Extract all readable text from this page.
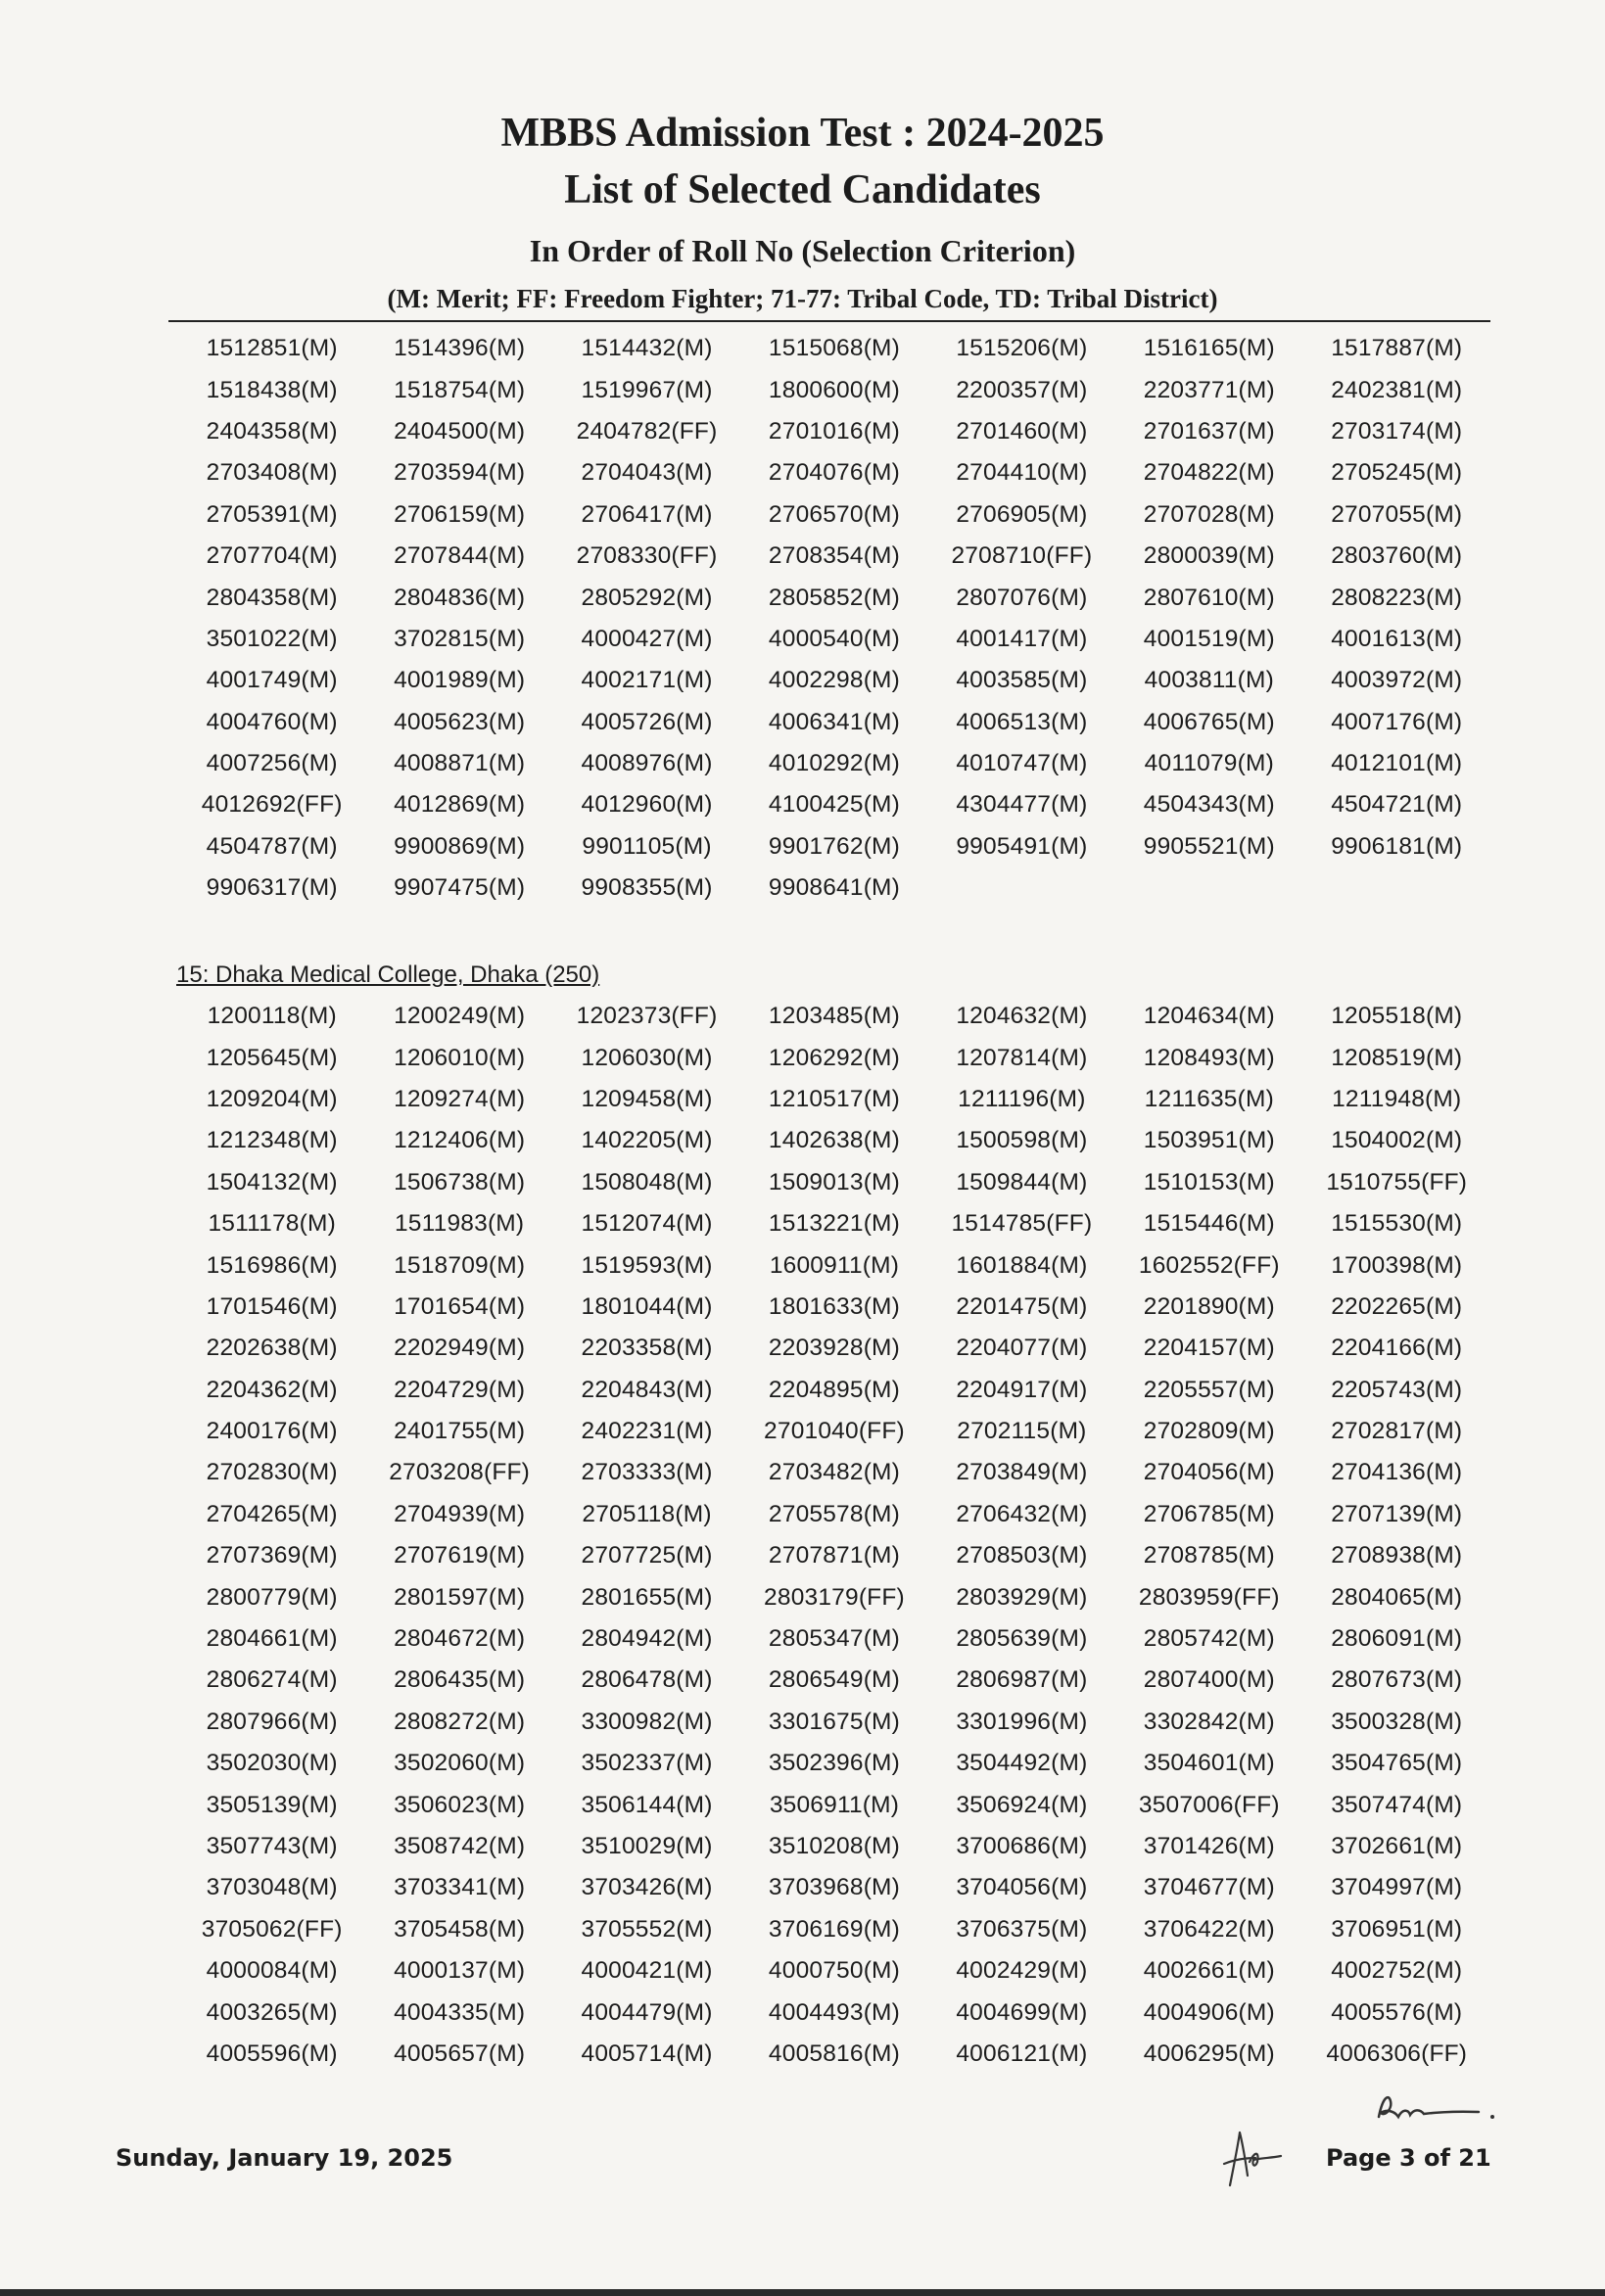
MBBS Admission Test : 2024-2025
List of Selected Candidates
In Order of Roll No (Selection Criterion)
(M: Merit; FF: Freedom Fighter; 71-77: Tribal Code, TD: Tribal District)
1512851(M)	1514396(M)	1514432(M)	1515068(M)	1515206(M)	1516165(M)	1517887(M)
1518438(M)	1518754(M)	1519967(M)	1800600(M)	2200357(M)	2203771(M)	2402381(M)
2404358(M)	2404500(M)	2404782(FF)	2701016(M)	2701460(M)	2701637(M)	2703174(M)
2703408(M)	2703594(M)	2704043(M)	2704076(M)	2704410(M)	2704822(M)	2705245(M)
2705391(M)	2706159(M)	2706417(M)	2706570(M)	2706905(M)	2707028(M)	2707055(M)
2707704(M)	2707844(M)	2708330(FF)	2708354(M)	2708710(FF)	2800039(M)	2803760(M)
2804358(M)	2804836(M)	2805292(M)	2805852(M)	2807076(M)	2807610(M)	2808223(M)
3501022(M)	3702815(M)	4000427(M)	4000540(M)	4001417(M)	4001519(M)	4001613(M)
4001749(M)	4001989(M)	4002171(M)	4002298(M)	4003585(M)	4003811(M)	4003972(M)
4004760(M)	4005623(M)	4005726(M)	4006341(M)	4006513(M)	4006765(M)	4007176(M)
4007256(M)	4008871(M)	4008976(M)	4010292(M)	4010747(M)	4011079(M)	4012101(M)
4012692(FF)	4012869(M)	4012960(M)	4100425(M)	4304477(M)	4504343(M)	4504721(M)
4504787(M)	9900869(M)	9901105(M)	9901762(M)	9905491(M)	9905521(M)	9906181(M)
9906317(M)	9907475(M)	9908355(M)	9908641(M)
15: Dhaka Medical College, Dhaka (250)
1200118(M)	1200249(M)	1202373(FF)	1203485(M)	1204632(M)	1204634(M)	1205518(M)
1205645(M)	1206010(M)	1206030(M)	1206292(M)	1207814(M)	1208493(M)	1208519(M)
1209204(M)	1209274(M)	1209458(M)	1210517(M)	1211196(M)	1211635(M)	1211948(M)
1212348(M)	1212406(M)	1402205(M)	1402638(M)	1500598(M)	1503951(M)	1504002(M)
1504132(M)	1506738(M)	1508048(M)	1509013(M)	1509844(M)	1510153(M)	1510755(FF)
1511178(M)	1511983(M)	1512074(M)	1513221(M)	1514785(FF)	1515446(M)	1515530(M)
1516986(M)	1518709(M)	1519593(M)	1600911(M)	1601884(M)	1602552(FF)	1700398(M)
1701546(M)	1701654(M)	1801044(M)	1801633(M)	2201475(M)	2201890(M)	2202265(M)
2202638(M)	2202949(M)	2203358(M)	2203928(M)	2204077(M)	2204157(M)	2204166(M)
2204362(M)	2204729(M)	2204843(M)	2204895(M)	2204917(M)	2205557(M)	2205743(M)
2400176(M)	2401755(M)	2402231(M)	2701040(FF)	2702115(M)	2702809(M)	2702817(M)
2702830(M)	2703208(FF)	2703333(M)	2703482(M)	2703849(M)	2704056(M)	2704136(M)
2704265(M)	2704939(M)	2705118(M)	2705578(M)	2706432(M)	2706785(M)	2707139(M)
2707369(M)	2707619(M)	2707725(M)	2707871(M)	2708503(M)	2708785(M)	2708938(M)
2800779(M)	2801597(M)	2801655(M)	2803179(FF)	2803929(M)	2803959(FF)	2804065(M)
2804661(M)	2804672(M)	2804942(M)	2805347(M)	2805639(M)	2805742(M)	2806091(M)
2806274(M)	2806435(M)	2806478(M)	2806549(M)	2806987(M)	2807400(M)	2807673(M)
2807966(M)	2808272(M)	3300982(M)	3301675(M)	3301996(M)	3302842(M)	3500328(M)
3502030(M)	3502060(M)	3502337(M)	3502396(M)	3504492(M)	3504601(M)	3504765(M)
3505139(M)	3506023(M)	3506144(M)	3506911(M)	3506924(M)	3507006(FF)	3507474(M)
3507743(M)	3508742(M)	3510029(M)	3510208(M)	3700686(M)	3701426(M)	3702661(M)
3703048(M)	3703341(M)	3703426(M)	3703968(M)	3704056(M)	3704677(M)	3704997(M)
3705062(FF)	3705458(M)	3705552(M)	3706169(M)	3706375(M)	3706422(M)	3706951(M)
4000084(M)	4000137(M)	4000421(M)	4000750(M)	4002429(M)	4002661(M)	4002752(M)
4003265(M)	4004335(M)	4004479(M)	4004493(M)	4004699(M)	4004906(M)	4005576(M)
4005596(M)	4005657(M)	4005714(M)	4005816(M)	4006121(M)	4006295(M)	4006306(FF)
Sunday, January 19, 2025	Page 3 of 21
